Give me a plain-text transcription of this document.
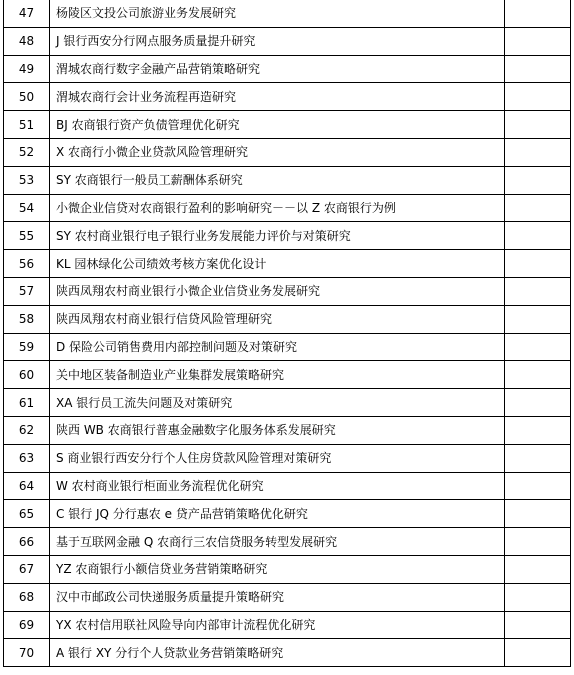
47	杨陵区文投公司旅游业务发展研究	
48	J 银行西安分行网点服务质量提升研究	
49	渭城农商行数字金融产品营销策略研究	
50	渭城农商行会计业务流程再造研究	
51	BJ 农商银行资产负债管理优化研究	
52	X 农商行小微企业贷款风险管理研究	
53	SY 农商银行一般员工薪酬体系研究	
54	小微企业信贷对农商银行盈利的影响研究－－以 Z 农商银行为例	
55	SY 农村商业银行电子银行业务发展能力评价与对策研究	
56	KL 园林绿化公司绩效考核方案优化设计	
57	陕西凤翔农村商业银行小微企业信贷业务发展研究	
58	陕西凤翔农村商业银行信贷风险管理研究	
59	D 保险公司销售费用内部控制问题及对策研究	
60	关中地区装备制造业产业集群发展策略研究	
61	XA 银行员工流失问题及对策研究	
62	陕西 WB 农商银行普惠金融数字化服务体系发展研究	
63	S 商业银行西安分行个人住房贷款风险管理对策研究	
64	W 农村商业银行柜面业务流程优化研究	
65	C 银行 JQ 分行惠农 e 贷产品营销策略优化研究	
66	基于互联网金融 Q 农商行三农信贷服务转型发展研究	
67	YZ 农商银行小额信贷业务营销策略研究	
68	汉中市邮政公司快递服务质量提升策略研究	
69	YX 农村信用联社风险导向内部审计流程优化研究	
70	A 银行 XY 分行个人贷款业务营销策略研究	
